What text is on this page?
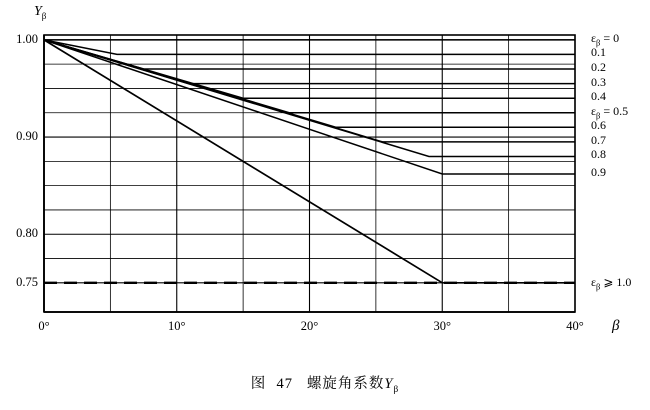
$Y_\beta$
β
1.00
0.90
0.80
0.75
0°	10°	20°	30°	40°
$\varepsilon_\beta = 0$
0.1
0.2
0.3
0.4
$\varepsilon_\beta = 0.5$
0.6
0.7
0.8
0.9
$\varepsilon_\beta$ ⩾ 1.0
图 47 螺旋角系数$Y_\beta$
